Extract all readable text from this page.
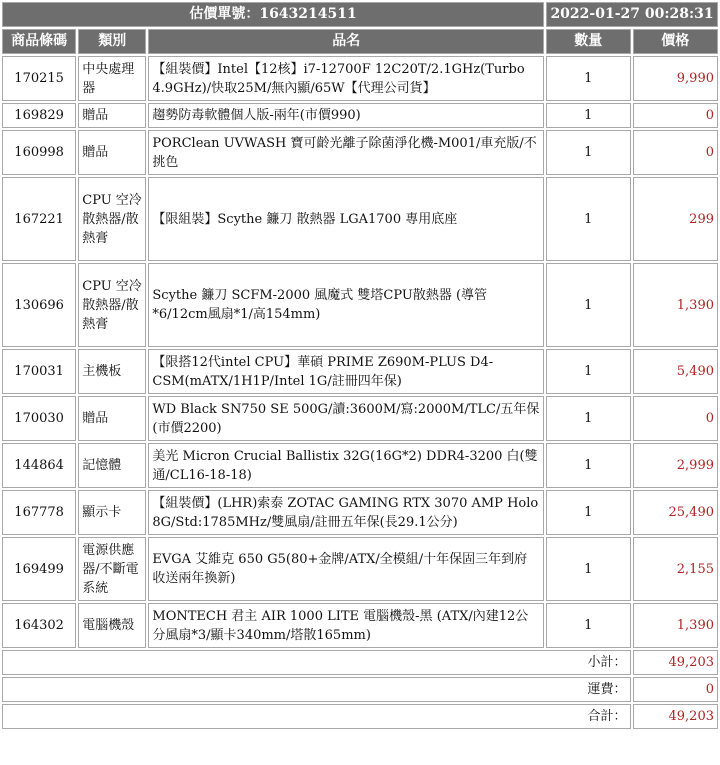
估價單號：1643214511			2022-01-27 00:28:31	
商品條碼	類別	品名	數量	價格
170215	中央處理器	【組裝價】Intel【12核】i7-12700F 12C20T/2.1GHz(Turbo 4.9GHz)/快取25M/無內顯/65W【代理公司貨】	1	9,990
169829	贈品	趨勢防毒軟體個人版-兩年(市價990)	1	0
160998	贈品	PORClean UVWASH 寶可齡光離子除菌淨化機-M001/車充版/不挑色	1	0
167221	CPU 空冷散熱器/散熱膏	【限組裝】Scythe 鐮刀 散熱器 LGA1700 專用底座	1	299
130696	CPU 空冷散熱器/散熱膏	Scythe 鐮刀 SCFM-2000 風魔式 雙塔CPU散熱器 (導管*6/12cm風扇*1/高154mm)	1	1,390
170031	主機板	【限搭12代intel CPU】華碩 PRIME Z690M-PLUS D4-CSM(mATX/1H1P/Intel 1G/註冊四年保)	1	5,490
170030	贈品	WD Black SN750 SE 500G/讀:3600M/寫:2000M/TLC/五年保(市價2200)	1	0
144864	記憶體	美光 Micron Crucial Ballistix 32G(16G*2) DDR4-3200 白(雙通/CL16-18-18)	1	2,999
167778	顯示卡	【組裝價】(LHR)索泰 ZOTAC GAMING RTX 3070 AMP Holo 8G/Std:1785MHz/雙風扇/註冊五年保(長29.1公分)	1	25,490
169499	電源供應器/不斷電系統	EVGA 艾維克 650 G5(80+金牌/ATX/全模組/十年保固三年到府收送兩年換新)	1	2,155
164302	電腦機殼	MONTECH 君主 AIR 1000 LITE 電腦機殼-黑 (ATX/內建12公分風扇*3/顯卡340mm/塔散165mm)	1	1,390
小計：				49,203
運費：				0
合計：				49,203
